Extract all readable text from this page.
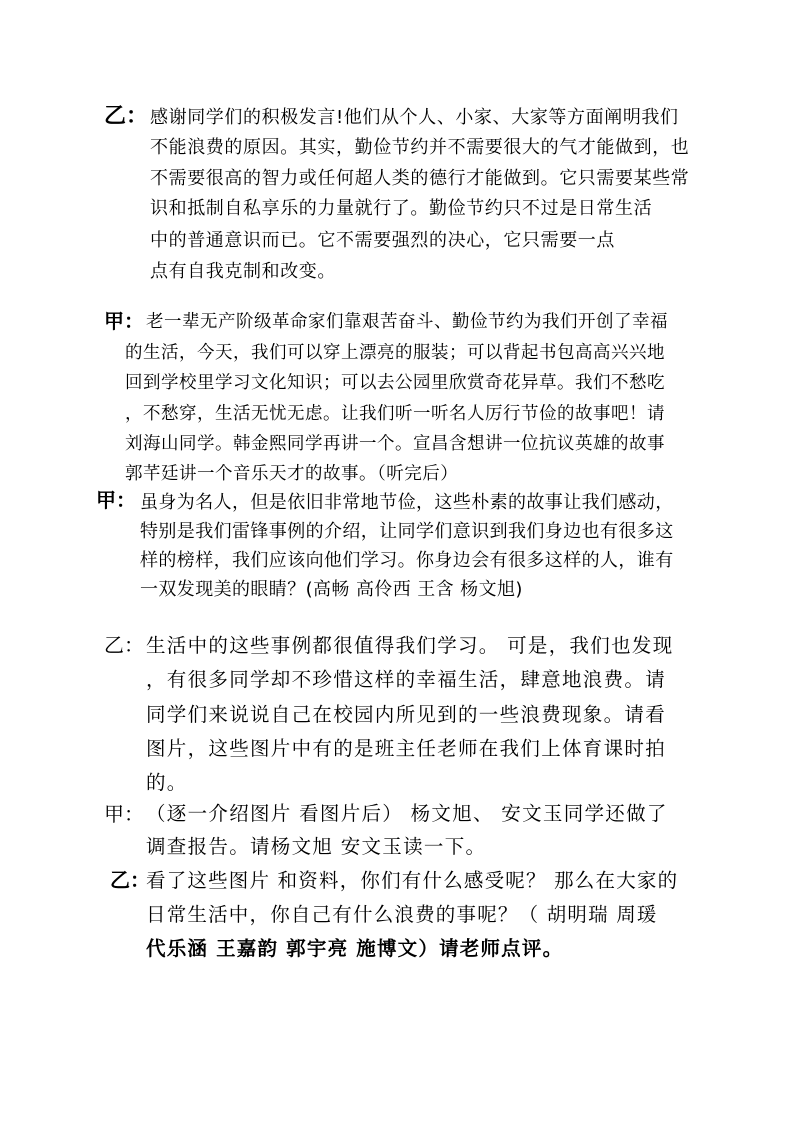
乙： 感谢同学们的积极发言!他们从个人、小家、大家等方面阐明我们
不能浪费的原因。其实，勤俭节约并不需要很大的气才能做到，也
不需要很高的智力或任何超人类的德行才能做到。它只需要某些常
识和抵制自私享乐的力量就行了。勤俭节约只不过是日常生活
中的普通意识而已。它不需要强烈的决心，它只需要一点
点有自我克制和改变。
甲： 老一辈无产阶级革命家们靠艰苦奋斗、勤俭节约为我们开创了幸福
的生活，今天，我们可以穿上漂亮的服装；可以背起书包高高兴兴地
回到学校里学习文化知识；可以去公园里欣赏奇花异草。我们不愁吃
，不愁穿，生活无忧无虑。让我们听一听名人厉行节俭的故事吧！请
刘海山同学。韩金熙同学再讲一个。宣昌含想讲一位抗议英雄的故事
郭芊廷讲一个音乐天才的故事。（听完后）
甲： 虽身为名人，但是依旧非常地节俭，这些朴素的故事让我们感动，
特别是我们雷锋事例的介绍，让同学们意识到我们身边也有很多这
样的榜样，我们应该向他们学习。你身边会有很多这样的人，谁有
一双发现美的眼睛？(高畅 高伶西 王含 杨文旭)
乙： 生活中的这些事例都很值得我们学习。 可是，我们也发现
，有很多同学却不珍惜这样的幸福生活，肆意地浪费。请
同学们来说说自己在校园内所见到的一些浪费现象。请看
图片，这些图片中有的是班主任老师在我们上体育课时拍
的。
甲： （逐一介绍图片 看图片后） 杨文旭、 安文玉同学还做了
调查报告。请杨文旭 安文玉读一下。
乙：
看了这些图片 和资料，你们有什么感受呢？ 那么在大家的
日常生活中，你自己有什么浪费的事呢？（ 胡明瑞 周瑗
代乐涵 王嘉韵 郭宇亮 施博文）请老师点评。
